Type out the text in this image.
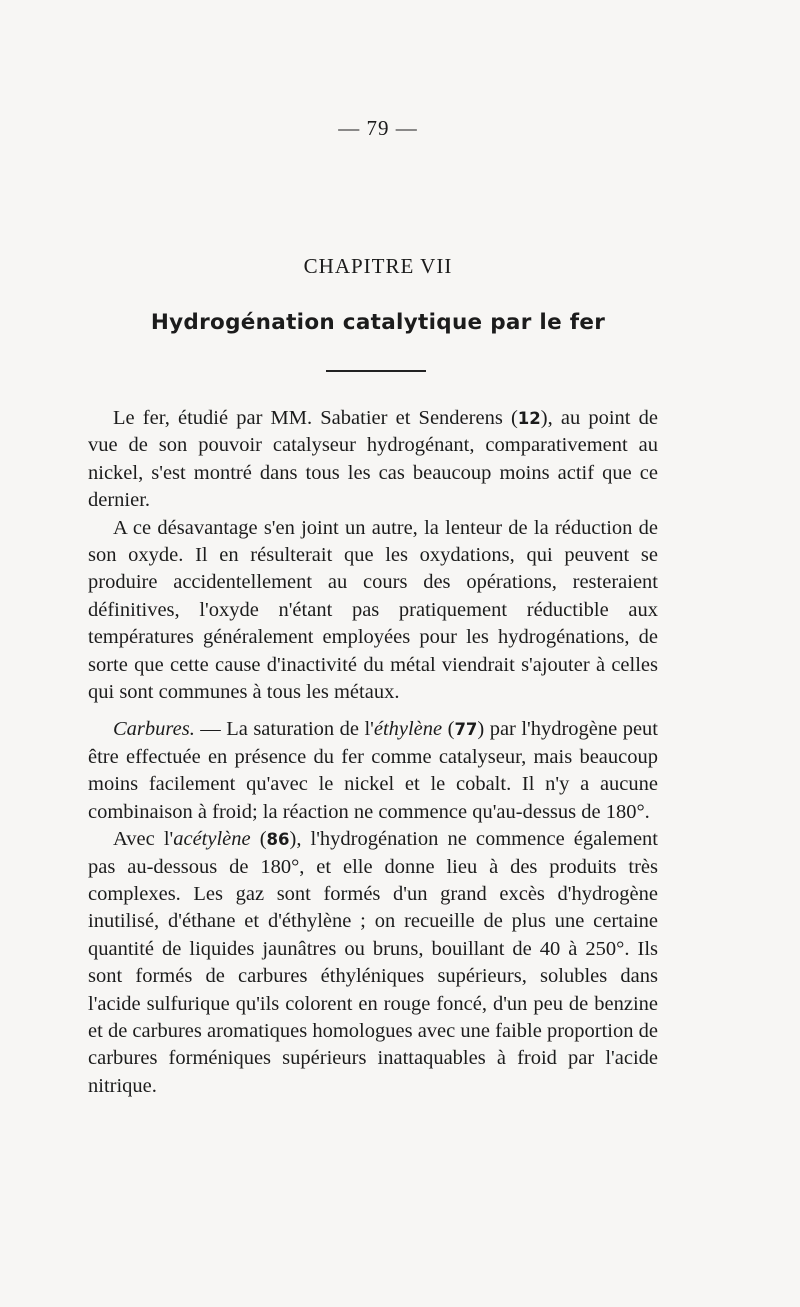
— 79 —
CHAPITRE VII
Hydrogénation catalytique par le fer

Le fer, étudié par MM. Sabatier et Senderens (12), au point de vue de son pouvoir catalyseur hydrogénant, comparativement au nickel, s'est montré dans tous les cas beaucoup moins actif que ce dernier.

A ce désavantage s'en joint un autre, la lenteur de la réduction de son oxyde. Il en résulterait que les oxydations, qui peuvent se produire accidentellement au cours des opérations, resteraient définitives, l'oxyde n'étant pas pratiquement réductible aux températures généralement employées pour les hydrogénations, de sorte que cette cause d'inactivité du métal viendrait s'ajouter à celles qui sont communes à tous les métaux.

Carbures. — La saturation de l'éthylène (77) par l'hydrogène peut être effectuée en présence du fer comme catalyseur, mais beaucoup moins facilement qu'avec le nickel et le cobalt. Il n'y a aucune combinaison à froid; la réaction ne commence qu'au-dessus de 180°.

Avec l'acétylène (86), l'hydrogénation ne commence également pas au-dessous de 180°, et elle donne lieu à des produits très complexes. Les gaz sont formés d'un grand excès d'hydrogène inutilisé, d'éthane et d'éthylène ; on recueille de plus une certaine quantité de liquides jaunâtres ou bruns, bouillant de 40 à 250°. Ils sont formés de carbures éthyléniques supérieurs, solubles dans l'acide sulfurique qu'ils colorent en rouge foncé, d'un peu de benzine et de carbures aromatiques homologues avec une faible proportion de carbures forméniques supérieurs inattaquables à froid par l'acide nitrique.
